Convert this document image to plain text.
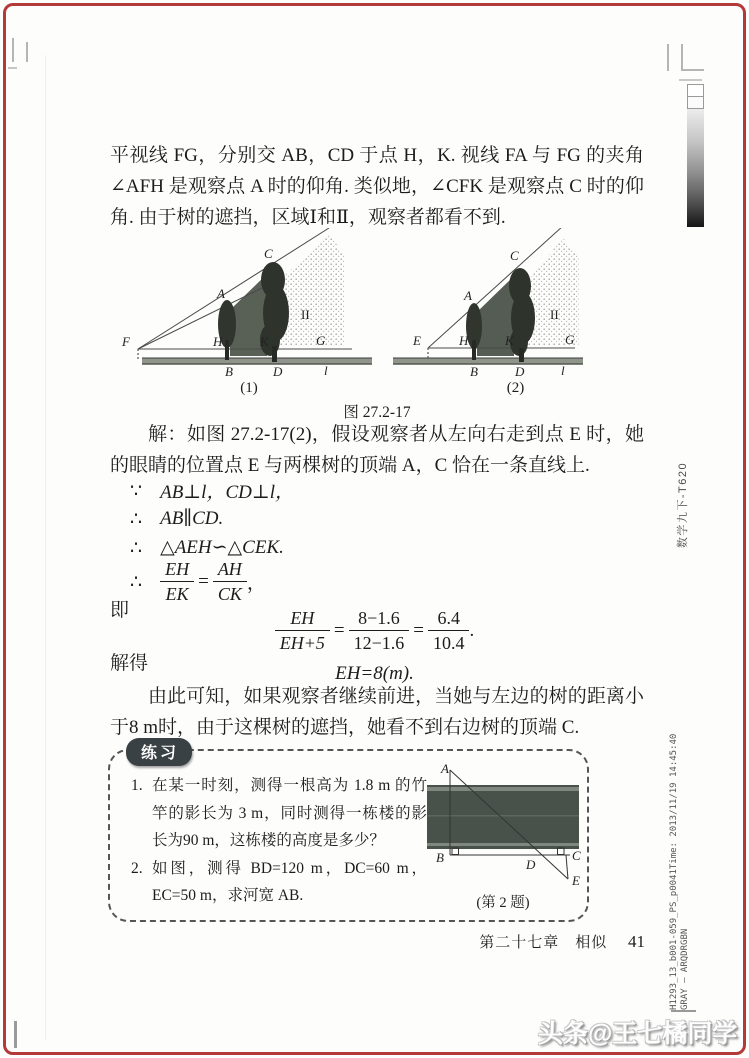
平视线 FG，分别交 AB，CD 于点 H，K. 视线 FA 与 FG 的夹角∠AFH 是观察点 A 时的仰角. 类似地，∠CFK 是观察点 C 时的仰角. 由于树的遮挡，区域Ⅰ和Ⅱ，观察者都看不到.

A
C
F	H	K	G
B	D	l
II
(1)
A
C
E	H	K	G
B	D	l
II
(2)
图 27.2-17

解：如图 27.2-17(2)，假设观察者从左向右走到点 E 时，她的眼睛的位置点 E 与两棵树的顶端 A，C 恰在一条直线上.

∵ AB⊥l，CD⊥l，
∴ AB∥CD.
∴ △AEH∽△CEK.
∴ $\frac{EH}{EK} = \frac{AH}{CK}$ ，
即	$\frac{EH}{EH+5} = \frac{8-1.6}{12-1.6} = \frac{6.4}{10.4}$ .
解得	EH=8(m).

由此可知，如果观察者继续前进，当她与左边的树的距离小于8 m时，由于这棵树的遮挡，她看不到右边树的顶端 C.

练习
1. 在某一时刻，测得一根高为 1.8 m 的竹竿的影长为 3 m，同时测得一栋楼的影长为90 m，这栋楼的高度是多少？
2. 如图，测得 BD=120 m，DC=60 m，EC=50 m，求河宽 AB.
A
B	C
D
E
(第 2 题)
第二十七章　相似 41
数学九下-T620
H1293_13_b001-059_PS_p0041Time: 2013/11/19 14:45:40 GRAY — ARQDRGBN
头条@王七橘同学
